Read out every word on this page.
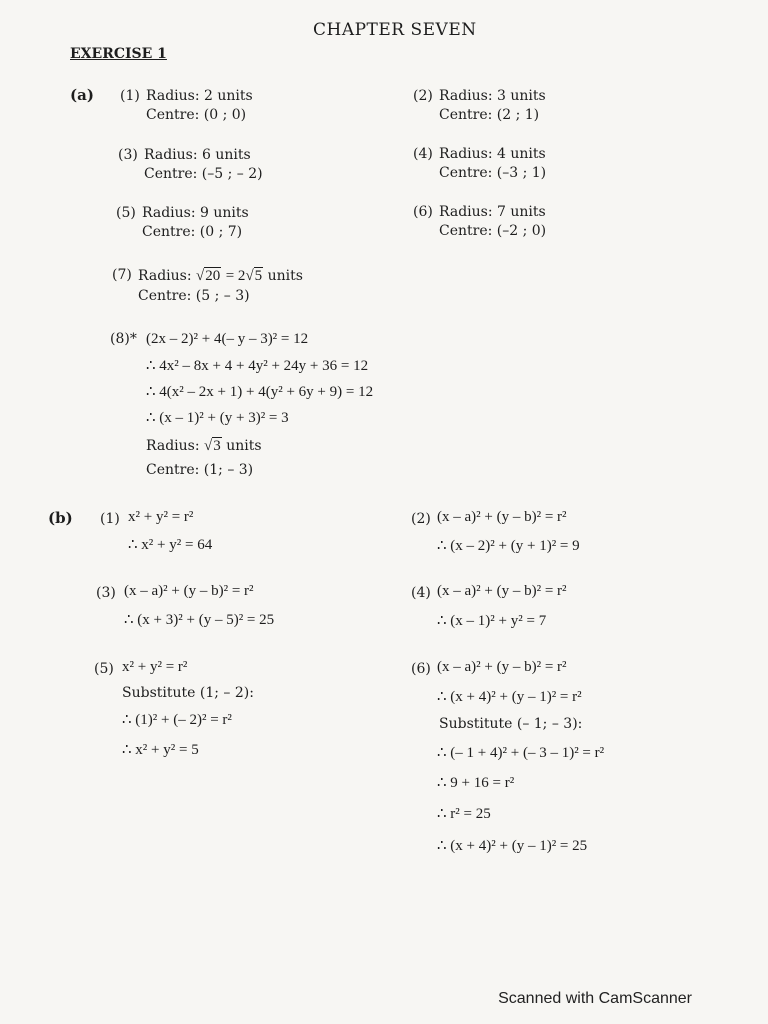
CHAPTER SEVEN
EXERCISE 1
(a) (1) Radius: 2 units
Centre: (0 ; 0)
(2) Radius: 3 units
Centre: (2 ; 1)
(3) Radius: 6 units
Centre: (–5 ; – 2)
(4) Radius: 4 units
Centre: (–3 ; 1)
(5) Radius: 9 units
Centre: (0 ; 7)
(6) Radius: 7 units
Centre: (–2 ; 0)
(7) Radius: √20 = 2√5 units
Centre: (5 ; – 3)
(8)* (2x – 2)² + 4(– y – 3)² = 12
∴ 4x² – 8x + 4 + 4y² + 24y + 36 = 12
∴ 4(x² – 2x + 1) + 4(y² + 6y + 9) = 12
∴ (x – 1)² + (y + 3)² = 3
Radius: √3 units
Centre: (1; – 3)
(b) (1) x² + y² = r²
∴ x² + y² = 64
(2) (x – a)² + (y – b)² = r²
∴ (x – 2)² + (y + 1)² = 9
(3) (x – a)² + (y – b)² = r²
∴ (x + 3)² + (y – 5)² = 25
(4) (x – a)² + (y – b)² = r²
∴ (x – 1)² + y² = 7
(5) x² + y² = r²
Substitute (1; – 2):
∴ (1)² + (– 2)² = r²
∴ x² + y² = 5
(6) (x – a)² + (y – b)² = r²
∴ (x + 4)² + (y – 1)² = r²
Substitute (– 1; – 3):
∴ (– 1 + 4)² + (– 3 – 1)² = r²
∴ 9 + 16 = r²
∴ r² = 25
∴ (x + 4)² + (y – 1)² = 25
Scanned with CamScanner
